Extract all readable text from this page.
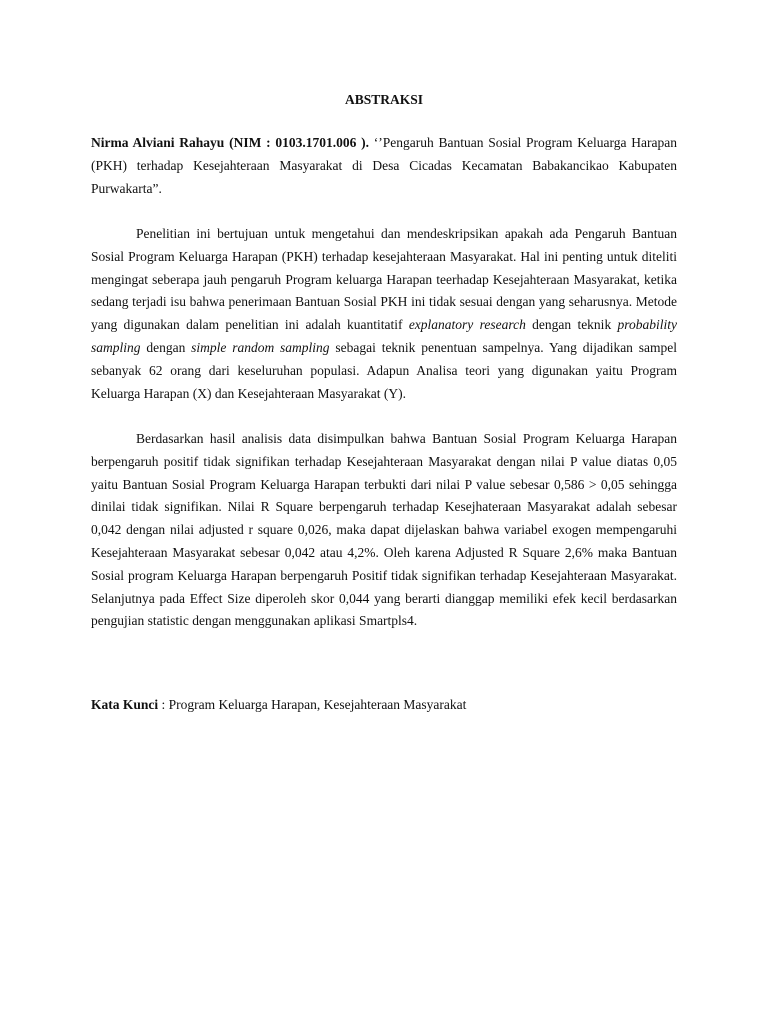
ABSTRAKSI

Nirma Alviani Rahayu (NIM : 0103.1701.006 ). ‘’Pengaruh Bantuan Sosial Program Keluarga Harapan (PKH) terhadap Kesejahteraan Masyarakat di Desa Cicadas Kecamatan Babakancikao Kabupaten Purwakarta”.

Penelitian ini bertujuan untuk mengetahui dan mendeskripsikan apakah ada Pengaruh Bantuan Sosial Program Keluarga Harapan (PKH) terhadap kesejahteraan Masyarakat. Hal ini penting untuk diteliti mengingat seberapa jauh pengaruh Program keluarga Harapan teerhadap Kesejahteraan Masyarakat, ketika sedang terjadi isu bahwa penerimaan Bantuan Sosial PKH ini tidak sesuai dengan yang seharusnya. Metode yang digunakan dalam penelitian ini adalah kuantitatif explanatory research dengan teknik probability sampling dengan simple random sampling sebagai teknik penentuan sampelnya. Yang dijadikan sampel sebanyak 62 orang dari keseluruhan populasi. Adapun Analisa teori yang digunakan yaitu Program Keluarga Harapan (X) dan Kesejahteraan Masyarakat (Y).

Berdasarkan hasil analisis data disimpulkan bahwa Bantuan Sosial Program Keluarga Harapan berpengaruh positif tidak signifikan terhadap Kesejahteraan Masyarakat dengan nilai P value diatas 0,05 yaitu Bantuan Sosial Program Keluarga Harapan terbukti dari nilai P value sebesar 0,586 > 0,05 sehingga dinilai tidak signifikan. Nilai R Square berpengaruh terhadap Kesejhateraan Masyarakat adalah sebesar 0,042 dengan nilai adjusted r square 0,026, maka dapat dijelaskan bahwa variabel exogen mempengaruhi Kesejahteraan Masyarakat sebesar 0,042 atau 4,2%. Oleh karena Adjusted R Square 2,6% maka Bantuan Sosial program Keluarga Harapan berpengaruh Positif tidak signifikan terhadap Kesejahteraan Masyarakat. Selanjutnya pada Effect Size diperoleh skor 0,044 yang berarti dianggap memiliki efek kecil berdasarkan pengujian statistic dengan menggunakan aplikasi Smartpls4.

Kata Kunci : Program Keluarga Harapan, Kesejahteraan Masyarakat
